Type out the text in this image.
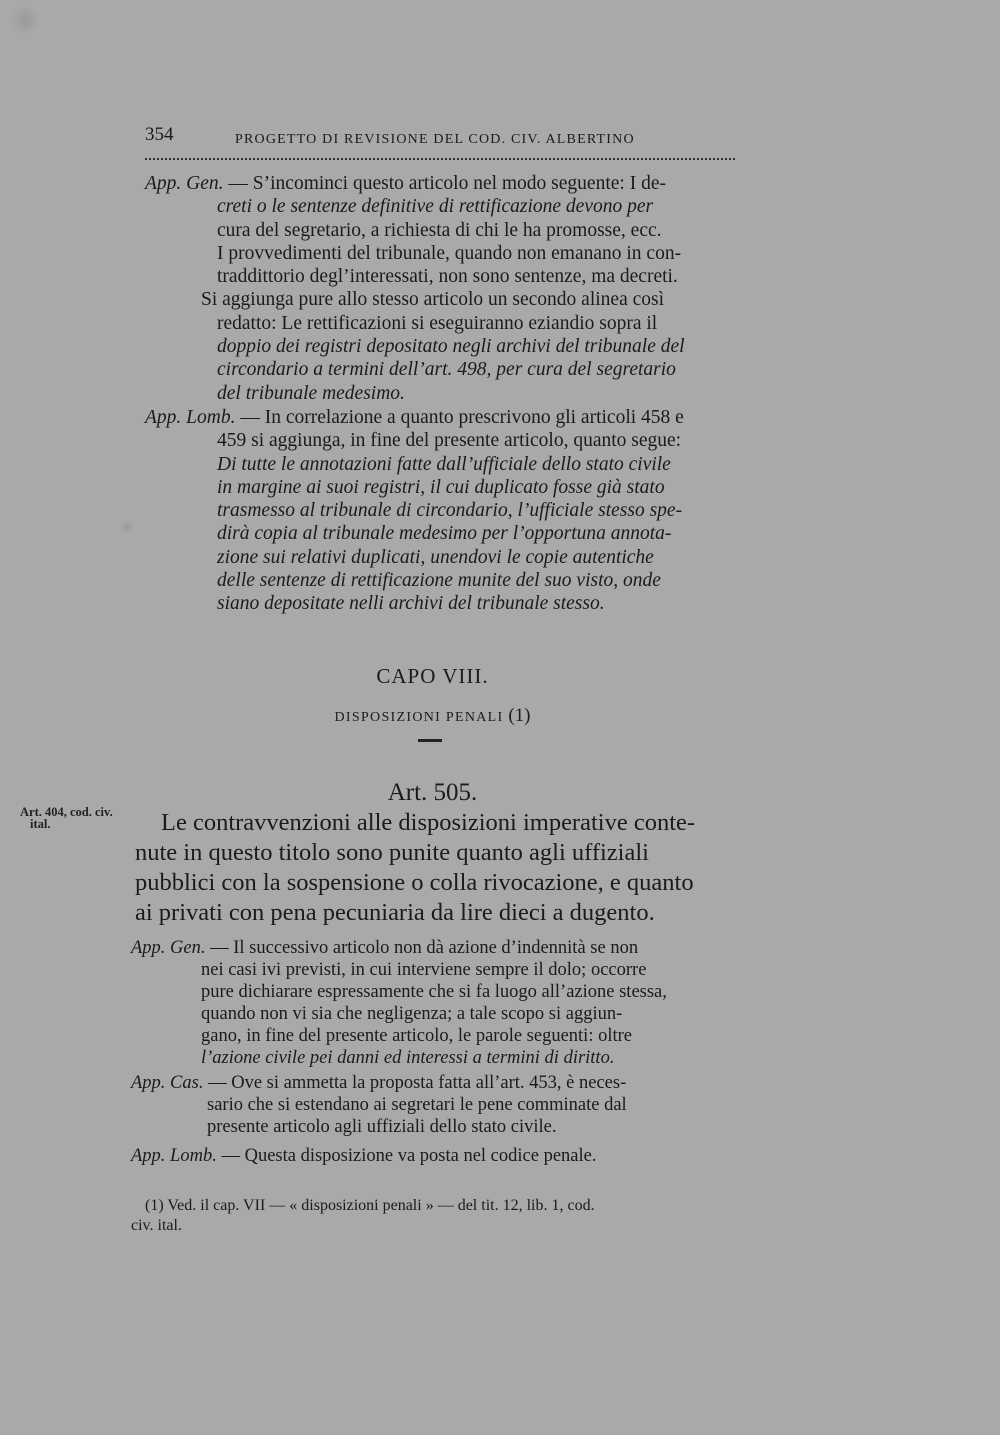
354	PROGETTO DI REVISIONE DEL COD. CIV. ALBERTINO
App. Gen. — S’incominci questo articolo nel modo seguente: I de-
creti o le sentenze definitive di rettificazione devono per
cura del segretario, a richiesta di chi le ha promosse, ecc.
I provvedimenti del tribunale, quando non emanano in con-
traddittorio degl’interessati, non sono sentenze, ma decreti.
Si aggiunga pure allo stesso articolo un secondo alinea così
redatto: Le rettificazioni si eseguiranno eziandio sopra il
doppio dei registri depositato negli archivi del tribunale del
circondario a termini dell’art. 498, per cura del segretario
del tribunale medesimo.
App. Lomb. — In correlazione a quanto prescrivono gli articoli 458 e
459 si aggiunga, in fine del presente articolo, quanto segue:
Di tutte le annotazioni fatte dall’ufficiale dello stato civile
in margine ai suoi registri, il cui duplicato fosse già stato
trasmesso al tribunale di circondario, l’ufficiale stesso spe-
dirà copia al tribunale medesimo per l’opportuna annota-
zione sui relativi duplicati, unendovi le copie autentiche
delle sentenze di rettificazione munite del suo visto, onde
siano depositate nelli archivi del tribunale stesso.
CAPO VIII.
DISPOSIZIONI PENALI (1)
Art. 505.
Art. 404, cod. civ.
ital.	Le contravvenzioni alle disposizioni imperative conte-
nute in questo titolo sono punite quanto agli uffiziali
pubblici con la sospensione o colla rivocazione, e quanto
ai privati con pena pecuniaria da lire dieci a dugento.
App. Gen. — Il successivo articolo non dà azione d’indennità se non
nei casi ivi previsti, in cui interviene sempre il dolo; occorre
pure dichiarare espressamente che si fa luogo all’azione stessa,
quando non vi sia che negligenza; a tale scopo si aggiun-
gano, in fine del presente articolo, le parole seguenti: oltre
l’azione civile pei danni ed interessi a termini di diritto.
App. Cas. — Ove si ammetta la proposta fatta all’art. 453, è neces-
sario che si estendano ai segretari le pene comminate dal
presente articolo agli uffiziali dello stato civile.
App. Lomb. — Questa disposizione va posta nel codice penale.
(1) Ved. il cap. VII — « disposizioni penali » — del tit. 12, lib. 1, cod.
civ. ital.
